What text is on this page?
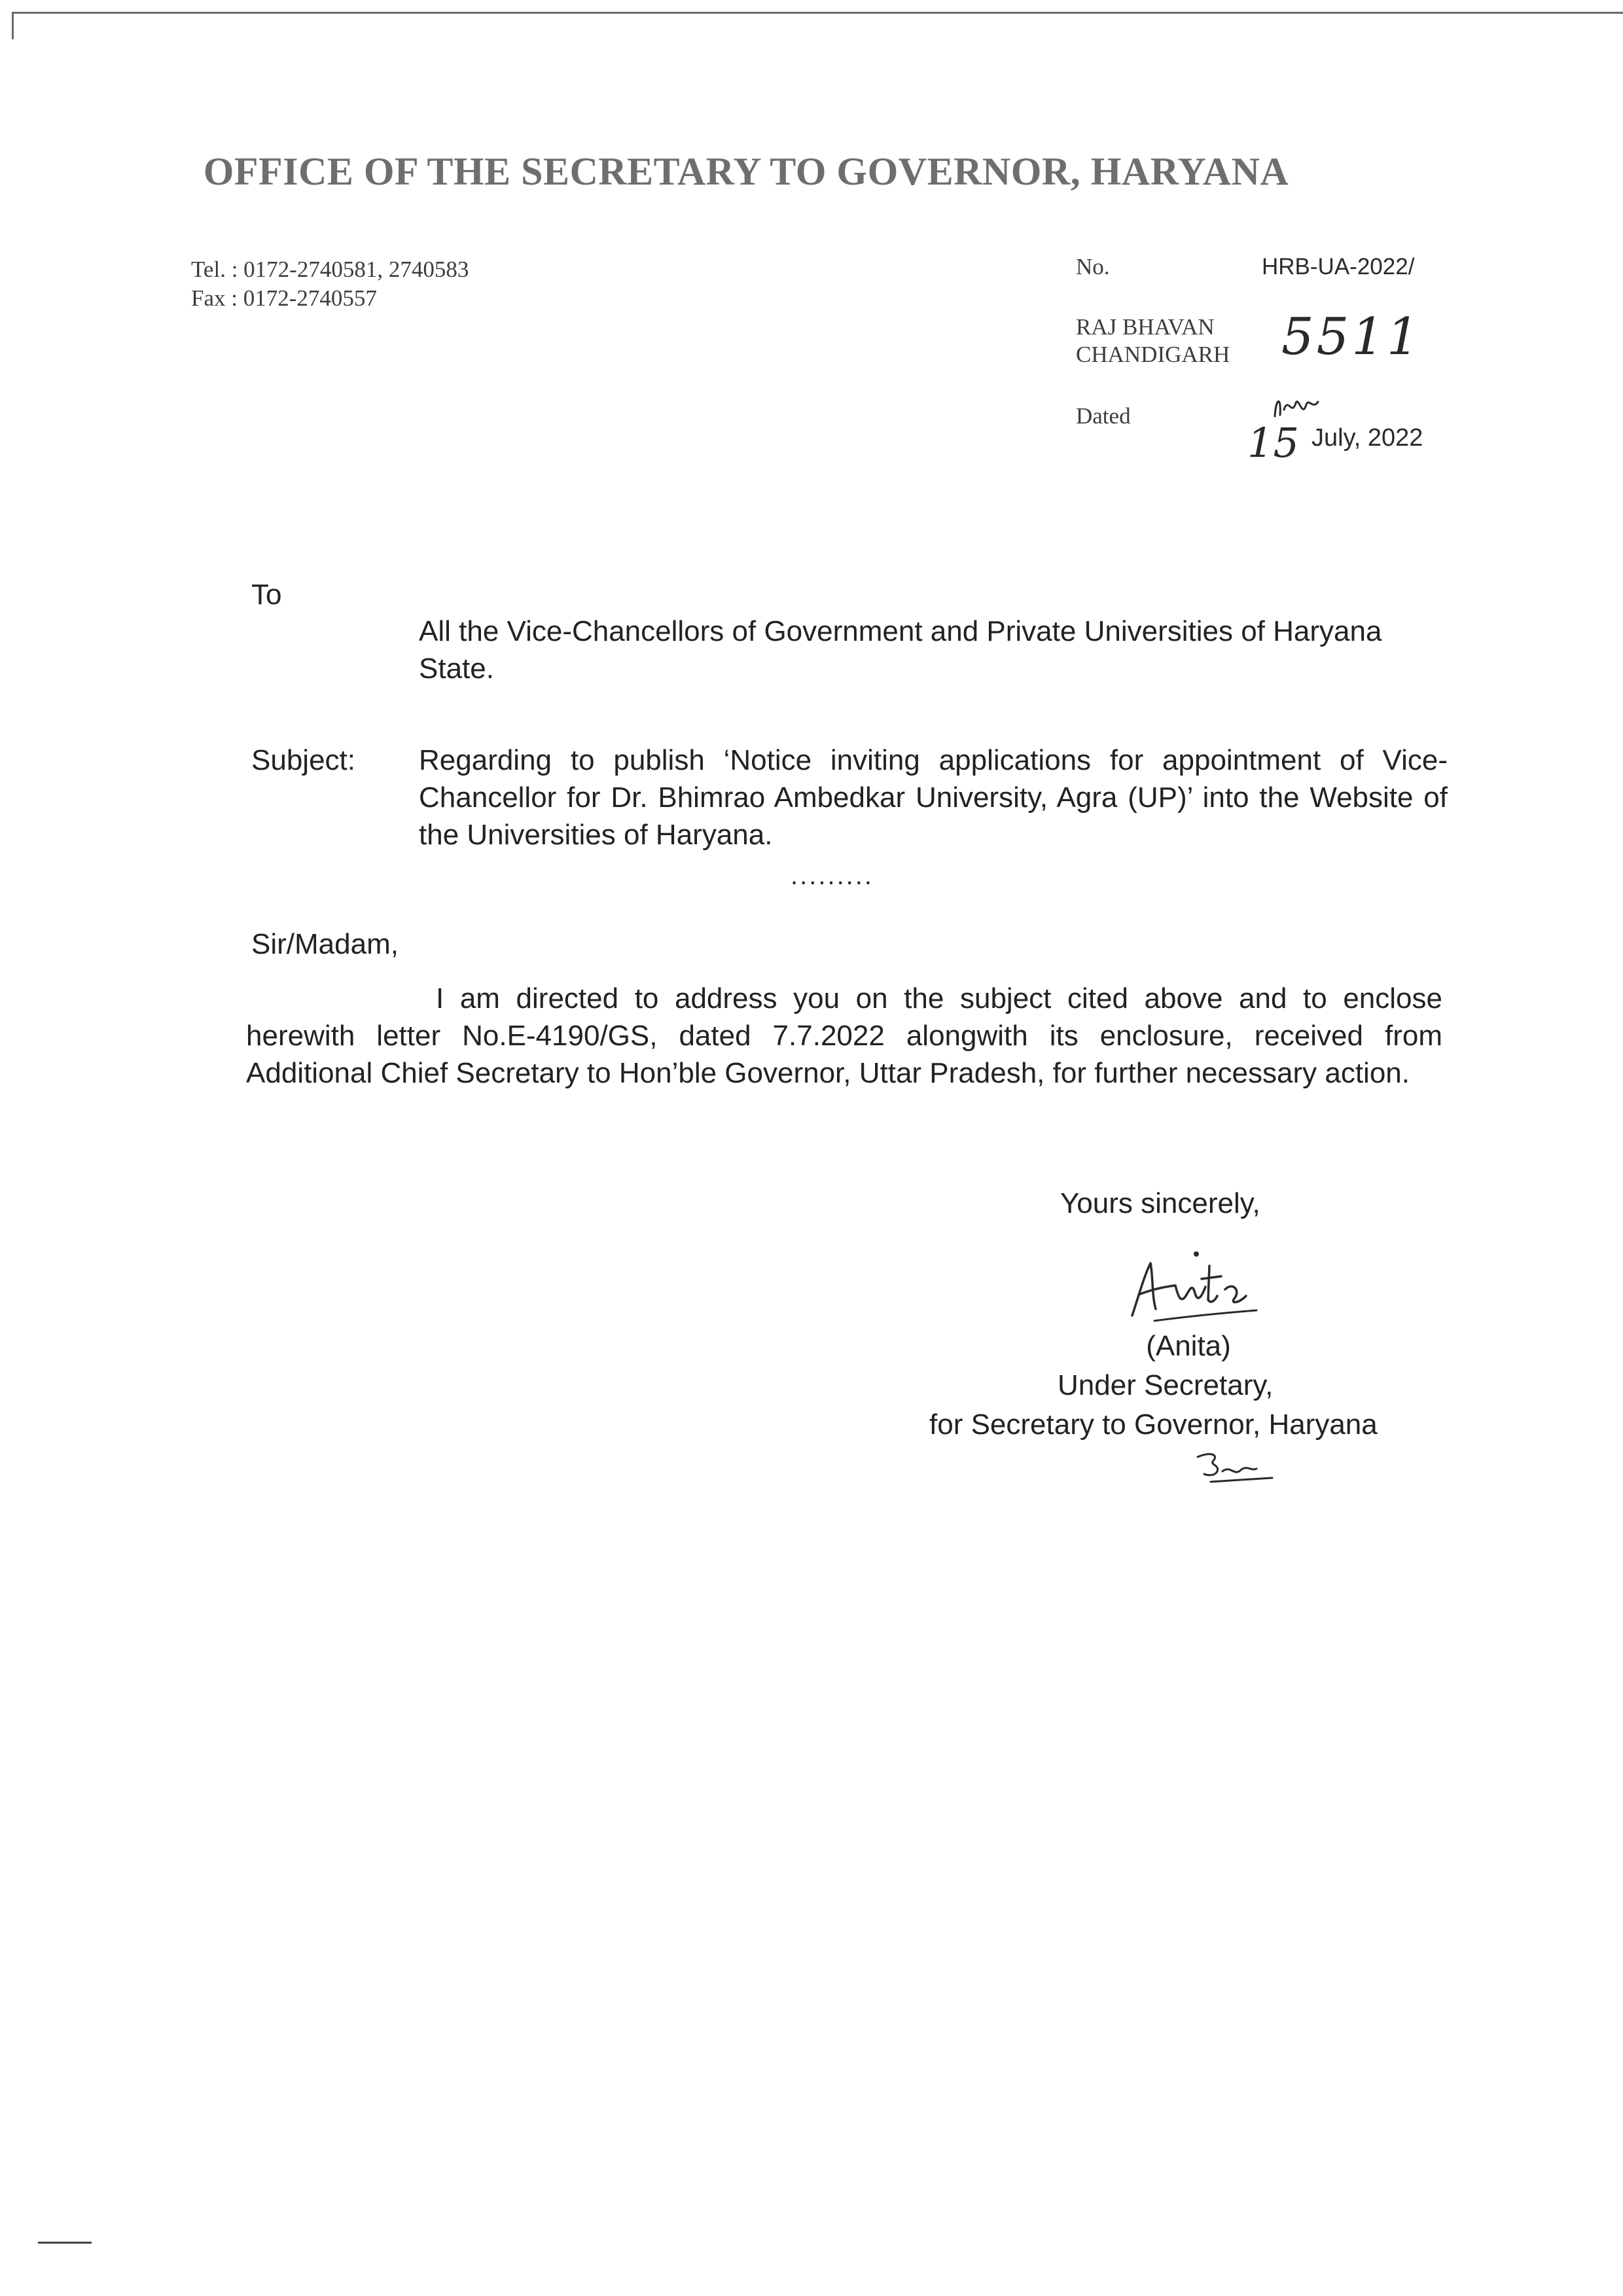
OFFICE OF THE SECRETARY TO GOVERNOR, HARYANA
Tel. : 0172-2740581, 2740583
Fax : 0172-2740557
No.	HRB-UA-2022/
5511
RAJ BHAVAN
CHANDIGARH
Dated
15 July, 2022
To
All the Vice-Chancellors of Government and Private Universities of Haryana State.
Subject: Regarding to publish ‘Notice inviting applications for appointment of Vice-Chancellor for Dr. Bhimrao Ambedkar University, Agra (UP)’ into the Website of the Universities of Haryana.
.........
Sir/Madam,
I am directed to address you on the subject cited above and to enclose herewith letter No.E-4190/GS, dated 7.7.2022 alongwith its enclosure, received from Additional Chief Secretary to Hon’ble Governor, Uttar Pradesh, for further necessary action.
Yours sincerely,
(Anita)
Under Secretary,
for Secretary to Governor, Haryana
